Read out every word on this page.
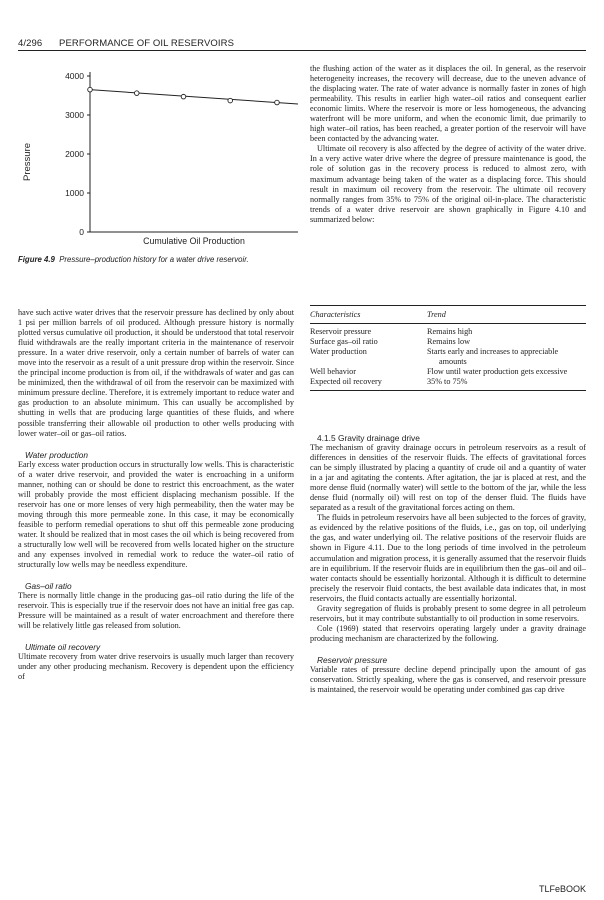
4/296 PERFORMANCE OF OIL RESERVOIRS
0
1000
2000
3000
4000
Pressure
Cumulative Oil Production
Figure 4.9 Pressure–production history for a water drive reservoir.

have such active water drives that the reservoir pressure has declined by only about 1 psi per million barrels of oil produced. Although pressure history is normally plotted versus cumulative oil production, it should be understood that total reservoir fluid withdrawals are the really important criteria in the maintenance of reservoir pressure. In a water drive reservoir, only a certain number of barrels of water can move into the reservoir as a result of a unit pressure drop within the reservoir. Since the principal income production is from oil, if the withdrawals of water and gas can be minimized, then the withdrawal of oil from the reservoir can be maximized with minimum pressure decline. Therefore, it is extremely important to reduce water and gas production to an absolute minimum. This can usually be accomplished by shutting in wells that are producing large quantities of these fluids, and where possible transferring their allowable oil production to other wells producing with lower water–oil or gas–oil ratios.

Water production

Early excess water production occurs in structurally low wells. This is characteristic of a water drive reservoir, and provided the water is encroaching in a uniform manner, nothing can or should be done to restrict this encroachment, as the water will probably provide the most efficient displacing mechanism possible. If the reservoir has one or more lenses of very high permeability, then the water may be moving through this more permeable zone. In this case, it may be economically feasible to perform remedial operations to shut off this permeable zone producing water. It should be realized that in most cases the oil which is being recovered from a structurally low well will be recovered from wells located higher on the structure and any expenses involved in remedial work to reduce the water–oil ratio of structurally low wells may be needless expenditure.

Gas–oil ratio

There is normally little change in the producing gas–oil ratio during the life of the reservoir. This is especially true if the reservoir does not have an initial free gas cap. Pressure will be maintained as a result of water encroachment and therefore there will be relatively little gas released from solution.

Ultimate oil recovery

Ultimate recovery from water drive reservoirs is usually much larger than recovery under any other producing mechanism. Recovery is dependent upon the efficiency of

the flushing action of the water as it displaces the oil. In general, as the reservoir heterogeneity increases, the recovery will decrease, due to the uneven advance of the displacing water. The rate of water advance is normally faster in zones of high permeability. This results in earlier high water–oil ratios and consequent earlier economic limits. Where the reservoir is more or less homogeneous, the advancing waterfront will be more uniform, and when the economic limit, due primarily to high water–oil ratios, has been reached, a greater portion of the reservoir will have been contacted by the advancing water.

Ultimate oil recovery is also affected by the degree of activity of the water drive. In a very active water drive where the degree of pressure maintenance is good, the role of solution gas in the recovery process is reduced to almost zero, with maximum advantage being taken of the water as a displacing force. This should result in maximum oil recovery from the reservoir. The ultimate oil recovery normally ranges from 35% to 75% of the original oil-in-place. The characteristic trends of a water drive reservoir are shown graphically in Figure 4.10 and summarized below:

Characteristics	Trend
Reservoir pressure	Remains high
Surface gas–oil ratio	Remains low
Water production	Starts early and increases to appreciable amounts
Well behavior	Flow until water production gets excessive
Expected oil recovery	35% to 75%

4.1.5 Gravity drainage drive

The mechanism of gravity drainage occurs in petroleum reservoirs as a result of differences in densities of the reservoir fluids. The effects of gravitational forces can be simply illustrated by placing a quantity of crude oil and a quantity of water in a jar and agitating the contents. After agitation, the jar is placed at rest, and the more dense fluid (normally water) will settle to the bottom of the jar, while the less dense fluid (normally oil) will rest on top of the denser fluid. The fluids have separated as a result of the gravitational forces acting on them.

The fluids in petroleum reservoirs have all been subjected to the forces of gravity, as evidenced by the relative positions of the fluids, i.e., gas on top, oil underlying the gas, and water underlying oil. The relative positions of the reservoir fluids are shown in Figure 4.11. Due to the long periods of time involved in the petroleum accumulation and migration process, it is generally assumed that the reservoir fluids are in equilibrium. If the reservoir fluids are in equilibrium then the gas–oil and oil–water contacts should be essentially horizontal. Although it is difficult to determine precisely the reservoir fluid contacts, the best available data indicates that, in most reservoirs, the fluid contacts actually are essentially horizontal.

Gravity segregation of fluids is probably present to some degree in all petroleum reservoirs, but it may contribute substantially to oil production in some reservoirs.

Cole (1969) stated that reservoirs operating largely under a gravity drainage producing mechanism are characterized by the following.

Reservoir pressure

Variable rates of pressure decline depend principally upon the amount of gas conservation. Strictly speaking, where the gas is conserved, and reservoir pressure is maintained, the reservoir would be operating under combined gas cap drive

TLFeBOOK
